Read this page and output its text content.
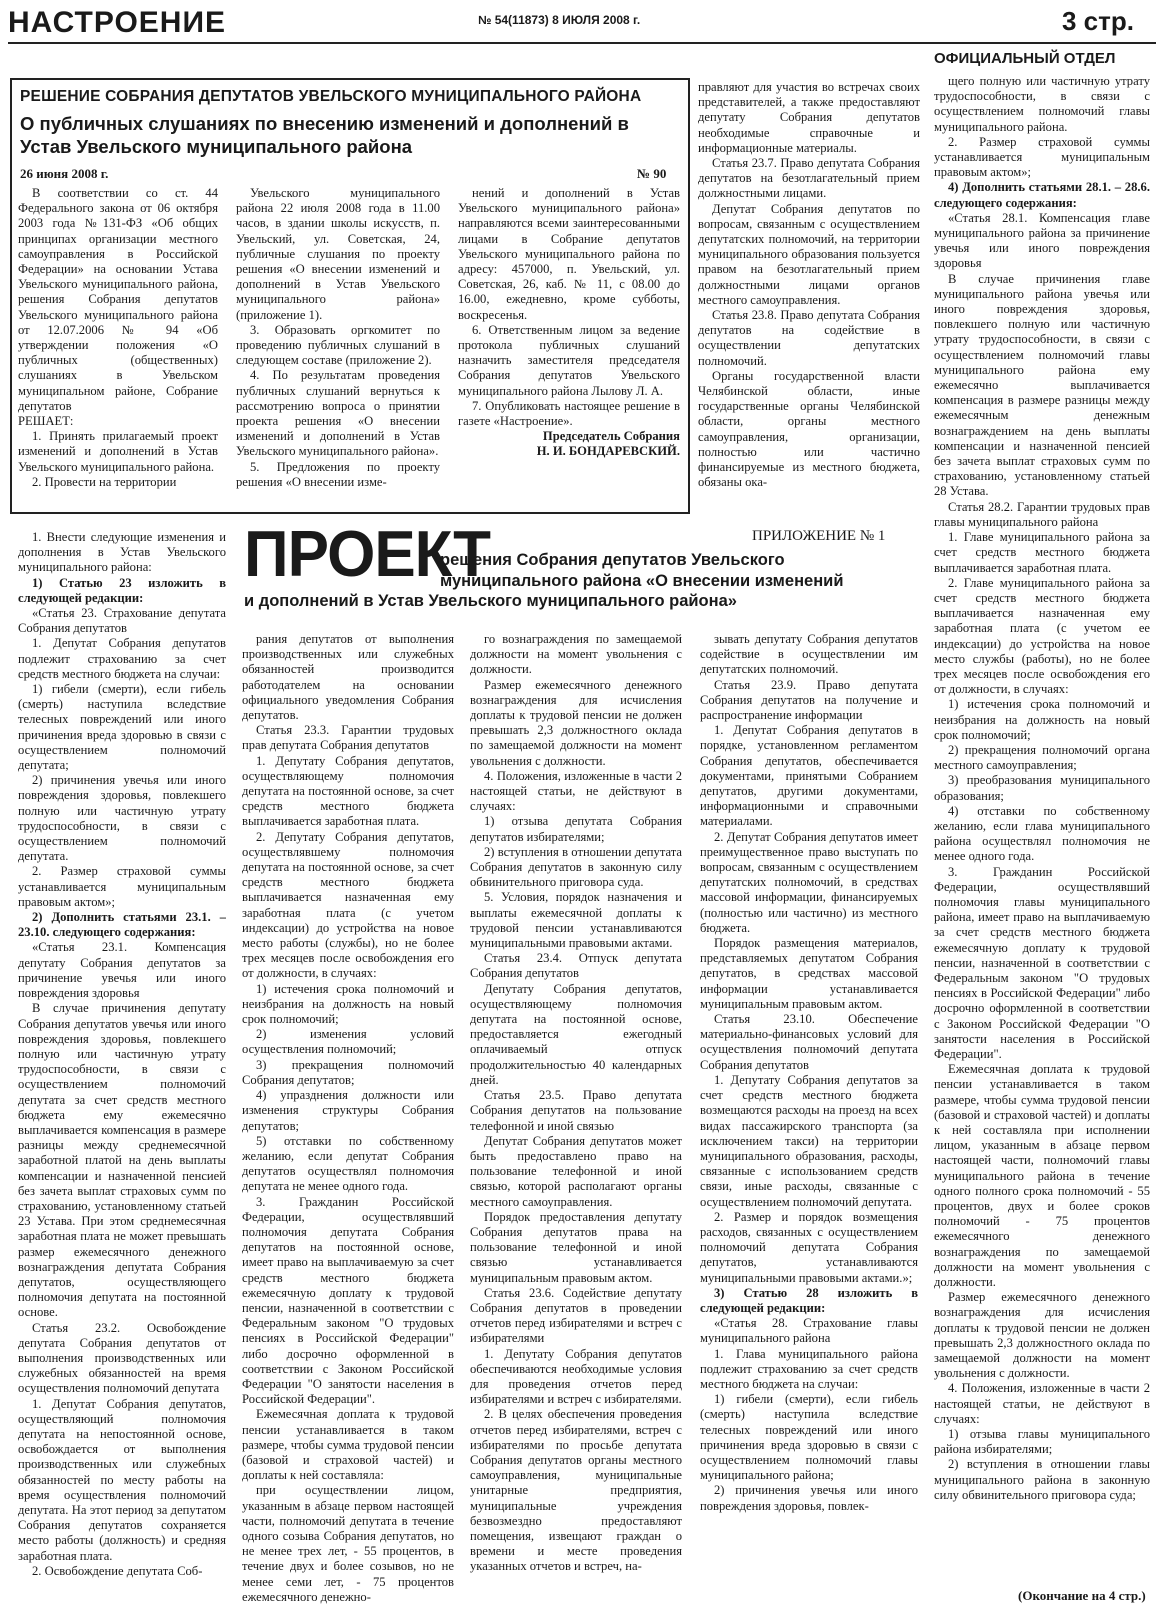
НАСТРОЕНИЕ	№ 54(11873) 8 ИЮЛЯ 2008 г.	3 стр.
ОФИЦИАЛЬНЫЙ ОТДЕЛ
РЕШЕНИЕ СОБРАНИЯ ДЕПУТАТОВ УВЕЛЬСКОГО МУНИЦИПАЛЬНОГО РАЙОНА
О публичных слушаниях по внесению изменений и дополнений в Устав Увельского муниципального района
26 июня 2008 г.	№ 90

В соответствии со ст. 44 Федерального закона от 06 октября 2003 года №131-ФЗ «Об общих принципах организации местного самоуправления в Российской Федерации» на основании Устава Увельского муниципального района, решения Собрания депутатов Увельского муниципального района от 12.07.2006 № 94 «Об утверждении положения «О публичных (общественных) слушаниях в Увельском муниципальном районе, Собрание депутатов

РЕШАЕТ:

1. Принять прилагаемый проект изменений и дополнений в Устав Увельского муниципального района.

2. Провести на территории

Увельского муниципального района 22 июля 2008 года в 11.00 часов, в здании школы искусств, п. Увельский, ул. Советская, 24, публичные слушания по проекту решения «О внесении изменений и дополнений в Устав Увельского муниципального района» (приложение 1).

3. Образовать оргкомитет по проведению публичных слушаний в следующем составе (приложение 2).

4. По результатам проведения публичных слушаний вернуться к рассмотрению вопроса о принятии проекта решения «О внесении изменений и дополнений в Устав Увельского муниципального района».

5. Предложения по проекту решения «О внесении изме-

нений и дополнений в Устав Увельского муниципального района» направляются всеми заинтересованными лицами в Собрание депутатов Увельского муниципального района по адресу: 457000, п. Увельский, ул. Советская, 26, каб. № 11, с 08.00 до 16.00, ежедневно, кроме субботы, воскресенья.

6. Ответственным лицом за ведение протокола публичных слушаний назначить заместителя председателя Собрания депутатов Увельского муниципального района Лылову Л. А.

7. Опубликовать настоящее решение в газете «Настроение».

Председатель Собрания

Н. И. БОНДАРЕВСКИЙ.

правляют для участия во встречах своих представителей, а также предоставляют депутату Собрания депутатов необходимые справочные и информационные материалы.

Статья 23.7. Право депутата Собрания депутатов на безотлагательный прием должностными лицами.

Депутат Собрания депутатов по вопросам, связанным с осуществлением депутатских полномочий, на территории муниципального образования пользуется правом на безотлагательный прием должностными лицами органов местного самоуправления.

Статья 23.8. Право депутата Собрания депутатов на содействие в осуществлении депутатских полномочий.

Органы государственной власти Челябинской области, иные государственные органы Челябинской области, органы местного самоуправления, организации, полностью или частично финансируемые из местного бюджета, обязаны ока-

щего полную или частичную утрату трудоспособности, в связи с осуществлением полномочий главы муниципального района.

2. Размер страховой суммы устанавливается муниципальным правовым актом»;

4) Дополнить статьями 28.1. – 28.6. следующего содержания:

«Статья 28.1. Компенсация главе муниципального района за причинение увечья или иного повреждения здоровья

В случае причинения главе муниципального района увечья или иного повреждения здоровья, повлекшего полную или частичную утрату трудоспособности, в связи с осуществлением полномочий главы муниципального района ему ежемесячно выплачивается компенсация в размере разницы между ежемесячным денежным вознаграждением на день выплаты компенсации и назначенной пенсией без зачета выплат страховых сумм по страхованию, установленному статьей 28 Устава.

Статья 28.2. Гарантии трудовых прав главы муниципального района

1. Главе муниципального района за счет средств местного бюджета выплачивается заработная плата.

2. Главе муниципального района за счет средств местного бюджета выплачивается назначенная ему заработная плата (с учетом ее индексации) до устройства на новое место службы (работы), но не более трех месяцев после освобождения его от должности, в случаях:

1) истечения срока полномочий и неизбрания на должность на новый срок полномочий;

2) прекращения полномочий органа местного самоуправления;

3) преобразования муниципального образования;

4) отставки по собственному желанию, если глава муниципального района осуществлял полномочия не менее одного года.

3. Гражданин Российской Федерации, осуществлявший полномочия главы муниципального района, имеет право на выплачиваемую за счет средств местного бюджета ежемесячную доплату к трудовой пенсии, назначенной в соответствии с Федеральным законом "О трудовых пенсиях в Российской Федерации" либо досрочно оформленной в соответствии с Законом Российской Федерации "О занятости населения в Российской Федерации".

Ежемесячная доплата к трудовой пенсии устанавливается в таком размере, чтобы сумма трудовой пенсии (базовой и страховой частей) и доплаты к ней составляла при исполнении лицом, указанным в абзаце первом настоящей части, полномочий главы муниципального района в течение одного полного срока полномочий - 55 процентов, двух и более сроков полномочий - 75 процентов ежемесячного денежного вознаграждения по замещаемой должности на момент увольнения с должности.

Размер ежемесячного денежного вознаграждения для исчисления доплаты к трудовой пенсии не должен превышать 2,3 должностного оклада по замещаемой должности на момент увольнения с должности.

4. Положения, изложенные в части 2 настоящей статьи, не действуют в случаях:

1) отзыва главы муниципального района избирателями;

2) вступления в отношении главы муниципального района в законную силу обвинительного приговора суда;

(Окончание на 4 стр.)
ПРИЛОЖЕНИЕ № 1
ПРОЕКТ
решения Собрания депутатов Увельского муниципального района «О внесении изменений
и дополнений в Устав Увельского муниципального района»

1. Внести следующие изменения и дополнения в Устав Увельского муниципального района:

1) Статью 23 изложить в следующей редакции:

«Статья 23. Страхование депутата Собрания депутатов

1. Депутат Собрания депутатов подлежит страхованию за счет средств местного бюджета на случаи:

1) гибели (смерти), если гибель (смерть) наступила вследствие телесных повреждений или иного причинения вреда здоровью в связи с осуществлением полномочий депутата;

2) причинения увечья или иного повреждения здоровья, повлекшего полную или частичную утрату трудоспособности, в связи с осуществлением полномочий депутата.

2. Размер страховой суммы устанавливается муниципальным правовым актом»;

2) Дополнить статьями 23.1. – 23.10. следующего содержания:

«Статья 23.1. Компенсация депутату Собрания депутатов за причинение увечья или иного повреждения здоровья

В случае причинения депутату Собрания депутатов увечья или иного повреждения здоровья, повлекшего полную или частичную утрату трудоспособности, в связи с осуществлением полномочий депутата за счет средств местного бюджета ему ежемесячно выплачивается компенсация в размере разницы между среднемесячной заработной платой на день выплаты компенсации и назначенной пенсией без зачета выплат страховых сумм по страхованию, установленному статьей 23 Устава. При этом среднемесячная заработная плата не может превышать размер ежемесячного денежного вознаграждения депутата Собрания депутатов, осуществляющего полномочия депутата на постоянной основе.

Статья 23.2. Освобождение депутата Собрания депутатов от выполнения производственных или служебных обязанностей на время осуществления полномочий депутата

1. Депутат Собрания депутатов, осуществляющий полномочия депутата на непостоянной основе, освобождается от выполнения производственных или служебных обязанностей по месту работы на время осуществления полномочий депутата. На этот период за депутатом Собрания депутатов сохраняется место работы (должность) и средняя заработная плата.

2. Освобождение депутата Соб-

рания депутатов от выполнения производственных или служебных обязанностей производится работодателем на основании официального уведомления Собрания депутатов.

Статья 23.3. Гарантии трудовых прав депутата Собрания депутатов

1. Депутату Собрания депутатов, осуществляющему полномочия депутата на постоянной основе, за счет средств местного бюджета выплачивается заработная плата.

2. Депутату Собрания депутатов, осуществлявшему полномочия депутата на постоянной основе, за счет средств местного бюджета выплачивается назначенная ему заработная плата (с учетом индексации) до устройства на новое место работы (службы), но не более трех месяцев после освобождения его от должности, в случаях:

1) истечения срока полномочий и неизбрания на должность на новый срок полномочий;

2) изменения условий осуществления полномочий;

3) прекращения полномочий Собрания депутатов;

4) упразднения должности или изменения структуры Собрания депутатов;

5) отставки по собственному желанию, если депутат Собрания депутатов осуществлял полномочия депутата не менее одного года.

3. Гражданин Российской Федерации, осуществлявший полномочия депутата Собрания депутатов на постоянной основе, имеет право на выплачиваемую за счет средств местного бюджета ежемесячную доплату к трудовой пенсии, назначенной в соответствии с Федеральным законом "О трудовых пенсиях в Российской Федерации" либо досрочно оформленной в соответствии с Законом Российской Федерации "О занятости населения в Российской Федерации".

Ежемесячная доплата к трудовой пенсии устанавливается в таком размере, чтобы сумма трудовой пенсии (базовой и страховой частей) и доплаты к ней составляла:

при осуществлении лицом, указанным в абзаце первом настоящей части, полномочий депутата в течение одного созыва Собрания депутатов, но не менее трех лет, - 55 процентов, в течение двух и более созывов, но не менее семи лет, - 75 процентов ежемесячного денежно-

го вознаграждения по замещаемой должности на момент увольнения с должности.

Размер ежемесячного денежного вознаграждения для исчисления доплаты к трудовой пенсии не должен превышать 2,3 должностного оклада по замещаемой должности на момент увольнения с должности.

4. Положения, изложенные в части 2 настоящей статьи, не действуют в случаях:

1) отзыва депутата Собрания депутатов избирателями;

2) вступления в отношении депутата Собрания депутатов в законную силу обвинительного приговора суда.

5. Условия, порядок назначения и выплаты ежемесячной доплаты к трудовой пенсии устанавливаются муниципальными правовыми актами.

Статья 23.4. Отпуск депутата Собрания депутатов

Депутату Собрания депутатов, осуществляющему полномочия депутата на постоянной основе, предоставляется ежегодный оплачиваемый отпуск продолжительностью 40 календарных дней.

Статья 23.5. Право депутата Собрания депутатов на пользование телефонной и иной связью

Депутат Собрания депутатов может быть предоставлено право на пользование телефонной и иной связью, которой располагают органы местного самоуправления.

Порядок предоставления депутату Собрания депутатов права на пользование телефонной и иной связью устанавливается муниципальным правовым актом.

Статья 23.6. Содействие депутату Собрания депутатов в проведении отчетов перед избирателями и встреч с избирателями

1. Депутату Собрания депутатов обеспечиваются необходимые условия для проведения отчетов перед избирателями и встреч с избирателями.

2. В целях обеспечения проведения отчетов перед избирателями, встреч с избирателями по просьбе депутата Собрания депутатов органы местного самоуправления, муниципальные унитарные предприятия, муниципальные учреждения безвозмездно предоставляют помещения, извещают граждан о времени и месте проведения указанных отчетов и встреч, на-

зывать депутату Собрания депутатов содействие в осуществлении им депутатских полномочий.

Статья 23.9. Право депутата Собрания депутатов на получение и распространение информации

1. Депутат Собрания депутатов в порядке, установленном регламентом Собрания депутатов, обеспечивается документами, принятыми Собранием депутатов, другими документами, информационными и справочными материалами.

2. Депутат Собрания депутатов имеет преимущественное право выступать по вопросам, связанным с осуществлением депутатских полномочий, в средствах массовой информации, финансируемых (полностью или частично) из местного бюджета.

Порядок размещения материалов, представляемых депутатом Собрания депутатов, в средствах массовой информации устанавливается муниципальным правовым актом.

Статья 23.10. Обеспечение материально-финансовых условий для осуществления полномочий депутата Собрания депутатов

1. Депутату Собрания депутатов за счет средств местного бюджета возмещаются расходы на проезд на всех видах пассажирского транспорта (за исключением такси) на территории муниципального образования, расходы, связанные с использованием средств связи, иные расходы, связанные с осуществлением полномочий депутата.

2. Размер и порядок возмещения расходов, связанных с осуществлением полномочий депутата Собрания депутатов, устанавливаются муниципальными правовыми актами.»;

3) Статью 28 изложить в следующей редакции:

«Статья 28. Страхование главы муниципального района

1. Глава муниципального района подлежит страхованию за счет средств местного бюджета на случаи:

1) гибели (смерти), если гибель (смерть) наступила вследствие телесных повреждений или иного причинения вреда здоровью в связи с осуществлением полномочий главы муниципального района;

2) причинения увечья или иного повреждения здоровья, повлек-
